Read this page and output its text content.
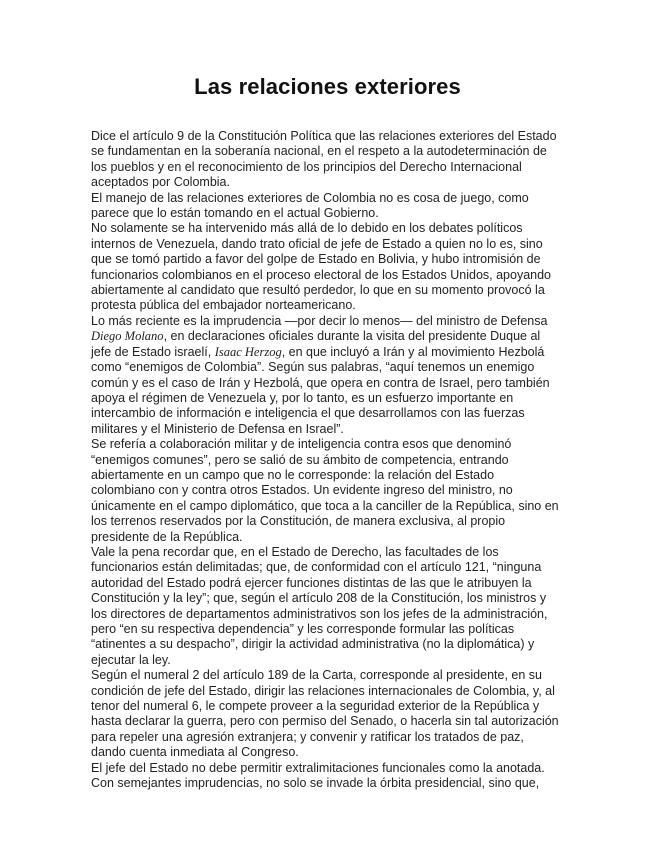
Las relaciones exteriores

Dice el artículo 9 de la Constitución Política que las relaciones exteriores del Estado se fundamentan en la soberanía nacional, en el respeto a la autodeterminación de los pueblos y en el reconocimiento de los principios del Derecho Internacional aceptados por Colombia.

El manejo de las relaciones exteriores de Colombia no es cosa de juego, como parece que lo están tomando en el actual Gobierno.

No solamente se ha intervenido más allá de lo debido en los debates políticos internos de Venezuela, dando trato oficial de jefe de Estado a quien no lo es, sino que se tomó partido a favor del golpe de Estado en Bolivia, y hubo intromisión de funcionarios colombianos en el proceso electoral de los Estados Unidos, apoyando abiertamente al candidato que resultó perdedor, lo que en su momento provocó la protesta pública del embajador norteamericano.

Lo más reciente es la imprudencia —por decir lo menos— del ministro de Defensa Diego Molano, en declaraciones oficiales durante la visita del presidente Duque al jefe de Estado israelí, Isaac Herzog, en que incluyó a Irán y al movimiento Hezbolá como “enemigos de Colombia”. Según sus palabras, “aquí tenemos un enemigo común y es el caso de Irán y Hezbolá, que opera en contra de Israel, pero también apoya el régimen de Venezuela y, por lo tanto, es un esfuerzo importante en intercambio de información e inteligencia el que desarrollamos con las fuerzas militares y el Ministerio de Defensa en Israel”.

Se refería a colaboración militar y de inteligencia contra esos que denominó “enemigos comunes”, pero se salió de su ámbito de competencia, entrando abiertamente en un campo que no le corresponde: la relación del Estado colombiano con y contra otros Estados. Un evidente ingreso del ministro, no únicamente en el campo diplomático, que toca a la canciller de la República, sino en los terrenos reservados por la Constitución, de manera exclusiva, al propio presidente de la República.

Vale la pena recordar que, en el Estado de Derecho, las facultades de los funcionarios están delimitadas; que, de conformidad con el artículo 121, “ninguna autoridad del Estado podrá ejercer funciones distintas de las que le atribuyen la Constitución y la ley”; que, según el artículo 208 de la Constitución, los ministros y los directores de departamentos administrativos son los jefes de la administración, pero “en su respectiva dependencia” y les corresponde formular las políticas “atinentes a su despacho”, dirigir la actividad administrativa (no la diplomática) y ejecutar la ley.

Según el numeral 2 del artículo 189 de la Carta, corresponde al presidente, en su condición de jefe del Estado, dirigir las relaciones internacionales de Colombia, y, al tenor del numeral 6, le compete proveer a la seguridad exterior de la República y hasta declarar la guerra, pero con permiso del Senado, o hacerla sin tal autorización para repeler una agresión extranjera; y convenir y ratificar los tratados de paz, dando cuenta inmediata al Congreso.

El jefe del Estado no debe permitir extralimitaciones funcionales como la anotada. Con semejantes imprudencias, no solo se invade la órbita presidencial, sino que,
